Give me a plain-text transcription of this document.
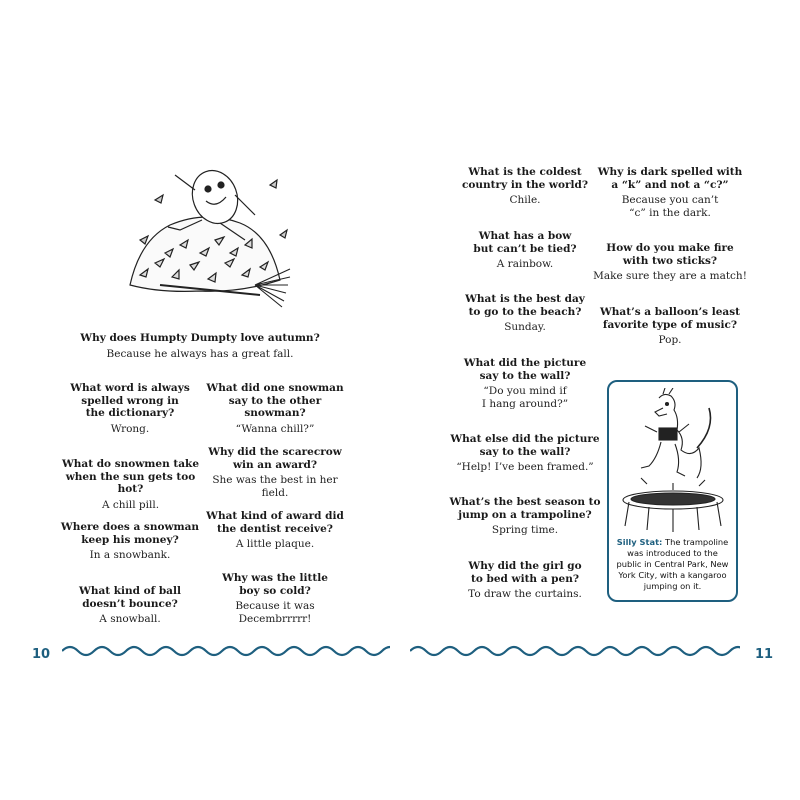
Why does Humpty Dumpty love autumn?
Because he always has a great fall.
What word is always
spelled wrong in
the dictionary?
Wrong.
What did one snowman
say to the other snowman?
“Wanna chill?”
What do snowmen take
when the sun gets too hot?
A chill pill.
Why did the scarecrow
win an award?
She was the best in her field.
Where does a snowman
keep his money?
In a snowbank.
What kind of award did
the dentist receive?
A little plaque.
What kind of ball
doesn’t bounce?
A snowball.
Why was the little
boy so cold?
Because it was
Decembrrrrr!
What is the coldest
country in the world?
Chile.
Why is dark spelled with
a “k” and not a “c?”
Because you can’t
“c” in the dark.
What has a bow
but can’t be tied?
A rainbow.
How do you make fire
with two sticks?
Make sure they are a match!
What is the best day
to go to the beach?
Sunday.
What’s a balloon’s least
favorite type of music?
Pop.
What did the picture
say to the wall?
“Do you mind if
I hang around?”
What else did the picture
say to the wall?
“Help! I’ve been framed.”
What’s the best season to
jump on a trampoline?
Spring time.
Why did the girl go
to bed with a pen?
To draw the curtains.
Silly Stat: The trampoline was introduced to the public in Central Park, New York City, with a kangaroo jumping on it.
10	11
